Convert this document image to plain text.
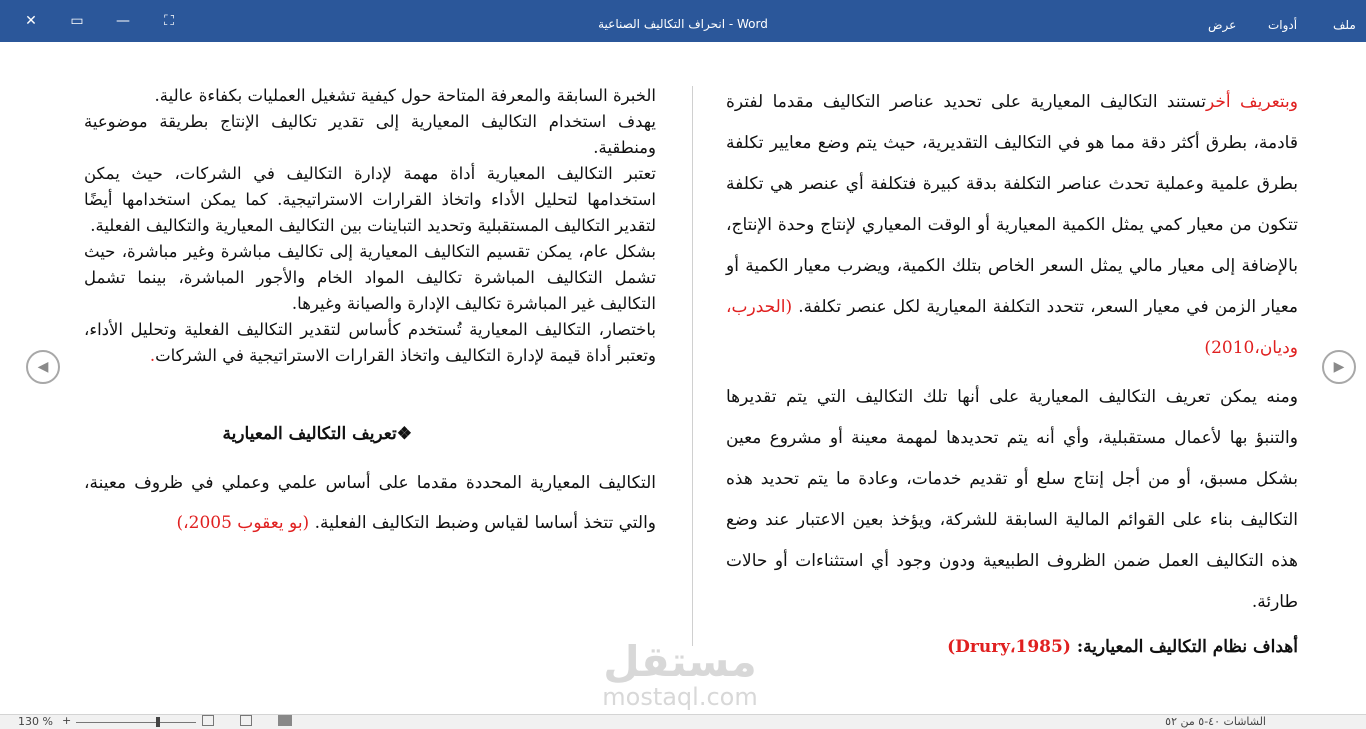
✕ ▭ — ⛶	انحراف التكاليف الصناعية - Word	ملف
أدوات
عرض

وبتعريف أخرتستند التكاليف المعيارية على تحديد عناصر التكاليف مقدما لفترة قادمة، بطرق أكثر دقة مما هو في التكاليف التقديرية، حيث يتم وضع معايير تكلفة بطرق علمية وعملية تحدث عناصر التكلفة بدقة كبيرة فتكلفة أي عنصر هي تكلفة تتكون من معيار كمي يمثل الكمية المعيارية أو الوقت المعياري لإنتاج وحدة الإنتاج، بالإضافة إلى معيار مالي يمثل السعر الخاص بتلك الكمية، ويضرب معيار الكمية أو معيار الزمن في معيار السعر، تتحدد التكلفة المعيارية لكل عنصر تكلفة. (الحدرب، وديان،2010)

ومنه يمكن تعريف التكاليف المعيارية على أنها تلك التكاليف التي يتم تقديرها والتنبؤ بها لأعمال مستقبلية، وأي أنه يتم تحديدها لمهمة معينة أو مشروع معين بشكل مسبق، أو من أجل إنتاج سلع أو تقديم خدمات، وعادة ما يتم تحديد هذه التكاليف بناء على القوائم المالية السابقة للشركة، ويؤخذ بعين الاعتبار عند وضع هذه التكاليف العمل ضمن الظروف الطبيعية ودون وجود أي استثناءات أو حالات طارئة.

أهداف نظام التكاليف المعيارية: (Drury،1985)

الخبرة السابقة والمعرفة المتاحة حول كيفية تشغيل العمليات بكفاءة عالية.

يهدف استخدام التكاليف المعيارية إلى تقدير تكاليف الإنتاج بطريقة موضوعية ومنطقية.

تعتبر التكاليف المعيارية أداة مهمة لإدارة التكاليف في الشركات، حيث يمكن استخدامها لتحليل الأداء واتخاذ القرارات الاستراتيجية. كما يمكن استخدامها أيضًا لتقدير التكاليف المستقبلية وتحديد التباينات بين التكاليف المعيارية والتكاليف الفعلية.

بشكل عام، يمكن تقسيم التكاليف المعيارية إلى تكاليف مباشرة وغير مباشرة، حيث تشمل التكاليف المباشرة تكاليف المواد الخام والأجور المباشرة، بينما تشمل التكاليف غير المباشرة تكاليف الإدارة والصيانة وغيرها.

باختصار، التكاليف المعيارية تُستخدم كأساس لتقدير التكاليف الفعلية وتحليل الأداء، وتعتبر أداة قيمة لإدارة التكاليف واتخاذ القرارات الاستراتيجية في الشركات.

❖تعريف التكاليف المعيارية

التكاليف المعيارية المحددة مقدما على أساس علمي وعملي في ظروف معينة، والتي تتخذ أساسا لقياس وضبط التكاليف الفعلية. (بو يعقوب 2005،)

◀	▶
مستقل
mostaql.com
130 % +	الشاشات ٤٠-٥ من ٥٢
